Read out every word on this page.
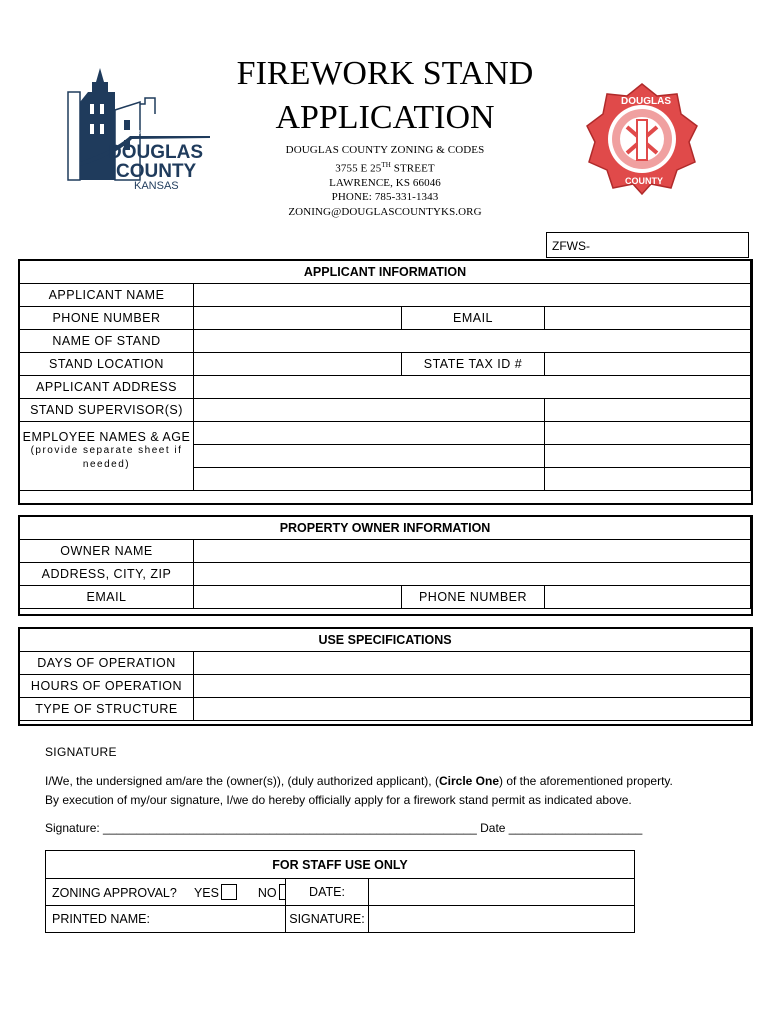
EST. 1855
DOUGLAS
COUNTY
KANSAS
DOUGLAS
COUNTY
FIREWORK STAND
APPLICATION
DOUGLAS COUNTY ZONING & CODES
3755 E 25TH STREET
LAWRENCE, KS 66046
PHONE: 785-331-1343
ZONING@DOUGLASCOUNTYKS.ORG
ZFWS-
APPLICANT INFORMATION			
APPLICANT NAME			
PHONE NUMBER		EMAIL	
NAME OF STAND			
STAND LOCATION		STATE TAX ID #	
APPLICANT ADDRESS			
STAND SUPERVISOR(S)			

EMPLOYEE NAMES & AGE
(provide separate sheet if
needed)			

PROPERTY OWNER INFORMATION			
OWNER NAME			
ADDRESS, CITY, ZIP			
EMAIL		PHONE NUMBER	
USE SPECIFICATIONS	
DAYS OF OPERATION	
HOURS OF OPERATION	
TYPE OF STRUCTURE	
SIGNATURE
I/We, the undersigned am/are the (owner(s)), (duly authorized applicant), (Circle One) of the aforementioned property.
By execution of my/our signature, I/we do hereby officially apply for a firework stand permit as indicated above.
Signature: ________________________________________________________ Date ____________________
FOR STAFF USE ONLY		
ZONING APPROVAL? YES NO	DATE:	
PRINTED NAME:	SIGNATURE:	
